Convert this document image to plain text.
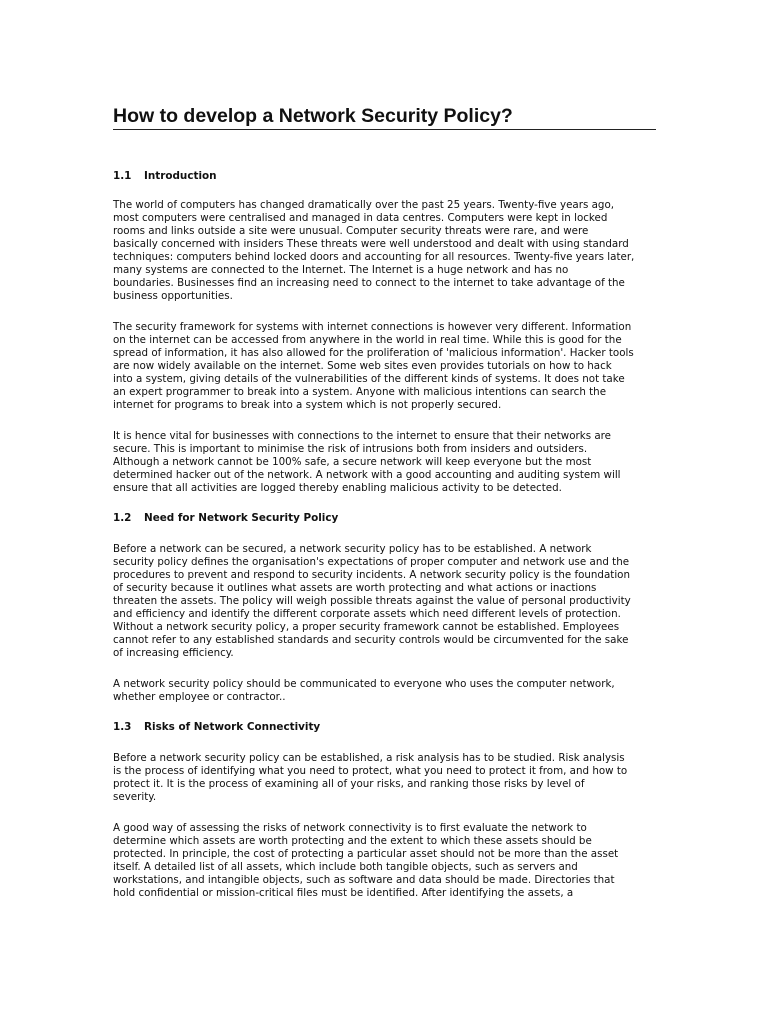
How to develop a Network Security Policy?
1.1 Introduction

The world of computers has changed dramatically over the past 25 years. Twenty-five years ago,
most computers were centralised and managed in data centres. Computers were kept in locked
rooms and links outside a site were unusual. Computer security threats were rare, and were
basically concerned with insiders These threats were well understood and dealt with using standard
techniques: computers behind locked doors and accounting for all resources. Twenty-five years later,
many systems are connected to the Internet. The Internet is a huge network and has no
boundaries. Businesses find an increasing need to connect to the internet to take advantage of the
business opportunities.

The security framework for systems with internet connections is however very different. Information
on the internet can be accessed from anywhere in the world in real time. While this is good for the
spread of information, it has also allowed for the proliferation of 'malicious information'. Hacker tools
are now widely available on the internet. Some web sites even provides tutorials on how to hack
into a system, giving details of the vulnerabilities of the different kinds of systems. It does not take
an expert programmer to break into a system. Anyone with malicious intentions can search the
internet for programs to break into a system which is not properly secured.

It is hence vital for businesses with connections to the internet to ensure that their networks are
secure. This is important to minimise the risk of intrusions both from insiders and outsiders.
Although a network cannot be 100% safe, a secure network will keep everyone but the most
determined hacker out of the network. A network with a good accounting and auditing system will
ensure that all activities are logged thereby enabling malicious activity to be detected.

1.2 Need for Network Security Policy

Before a network can be secured, a network security policy has to be established. A network
security policy defines the organisation's expectations of proper computer and network use and the
procedures to prevent and respond to security incidents. A network security policy is the foundation
of security because it outlines what assets are worth protecting and what actions or inactions
threaten the assets. The policy will weigh possible threats against the value of personal productivity
and efficiency and identify the different corporate assets which need different levels of protection.
Without a network security policy, a proper security framework cannot be established. Employees
cannot refer to any established standards and security controls would be circumvented for the sake
of increasing efficiency.

A network security policy should be communicated to everyone who uses the computer network,
whether employee or contractor..

1.3 Risks of Network Connectivity

Before a network security policy can be established, a risk analysis has to be studied. Risk analysis
is the process of identifying what you need to protect, what you need to protect it from, and how to
protect it. It is the process of examining all of your risks, and ranking those risks by level of
severity.

A good way of assessing the risks of network connectivity is to first evaluate the network to
determine which assets are worth protecting and the extent to which these assets should be
protected. In principle, the cost of protecting a particular asset should not be more than the asset
itself. A detailed list of all assets, which include both tangible objects, such as servers and
workstations, and intangible objects, such as software and data should be made. Directories that
hold confidential or mission-critical files must be identified. After identifying the assets, a
